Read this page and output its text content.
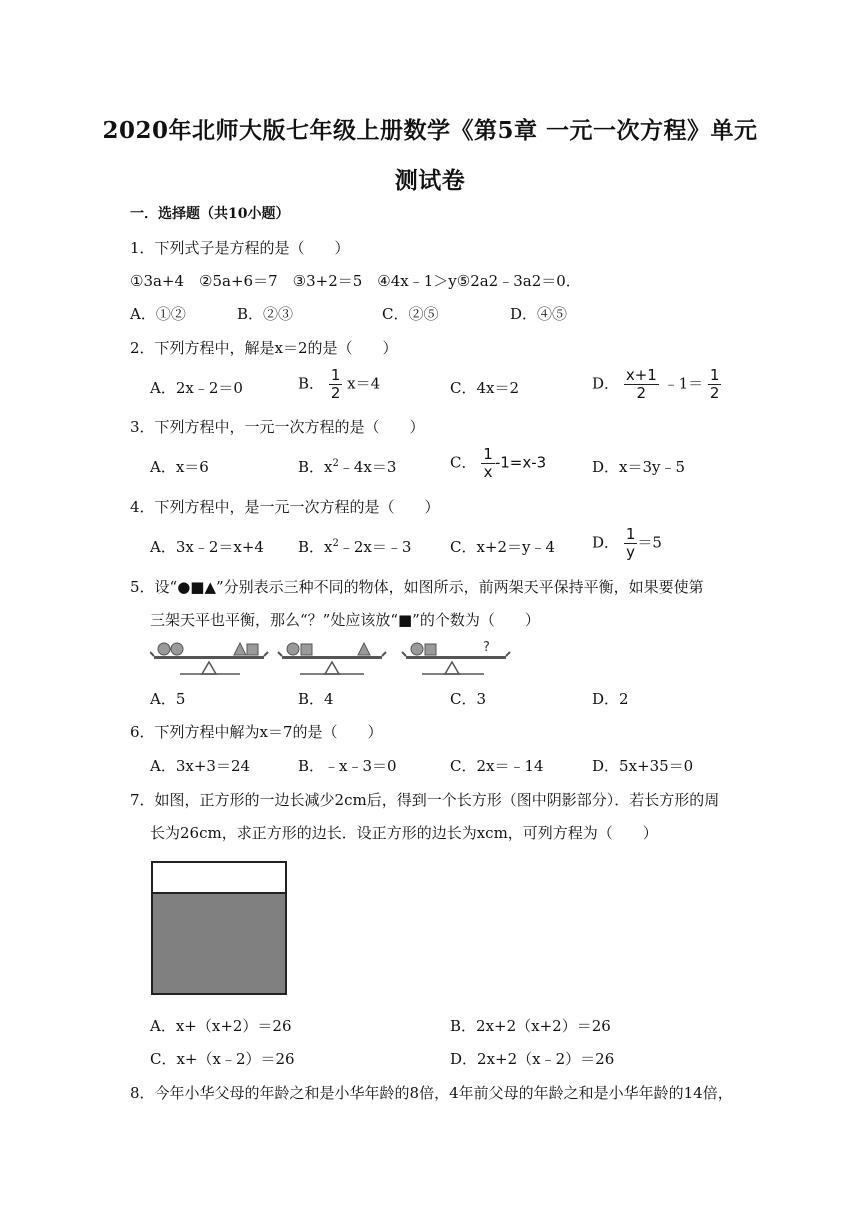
2020年北师大版七年级上册数学《第5章 一元一次方程》单元
测试卷
一．选择题（共10小题）
1．下列式子是方程的是（　　）
①3a+4　②5a+6＝7　③3+2＝5　④4x﹣1＞y⑤2a2﹣3a2＝0．
A．①②	B．②③	C．②⑤	D．④⑤
2．下列方程中，解是x＝2的是（　　）
A．2x﹣2＝0	B． $\frac{1}{2} x=4$	C．4x＝2	D． $\frac{x+1}{2}$ ﹣1＝ $\frac{1}{2}$
3．下列方程中，一元一次方程的是（　　）
A．x＝6	B．$x^2﹣4x=3$	C． $\frac{1}{x} -1=x-3$	D．x＝3y﹣5
4．下列方程中，是一元一次方程的是（　　）
A．3x﹣2＝x+4 B．$x^2﹣2x=﹣3$	C．x+2＝y﹣4 D． $\frac{1}{y} =5$
5．设“●■▲”分别表示三种不同的物体，如图所示，前两架天平保持平衡，如果要使第
三架天平也平衡，那么“？”处应该放“■”的个数为（　　）
?
A．5	B．4	C．3	D．2
6．下列方程中解为x＝7的是（　　）
A．3x+3＝24	B．﹣x﹣3＝0	C．2x＝﹣14	D．5x+35＝0
7．如图，正方形的一边长减少2cm后，得到一个长方形（图中阴影部分）．若长方形的周
长为26cm，求正方形的边长．设正方形的边长为xcm，可列方程为（　　）
A．x+（x+2）＝26	B．2x+2（x+2）＝26
C．x+（x﹣2）＝26	D．2x+2（x﹣2）＝26
8．今年小华父母的年龄之和是小华年龄的8倍，4年前父母的年龄之和是小华年龄的14倍，
